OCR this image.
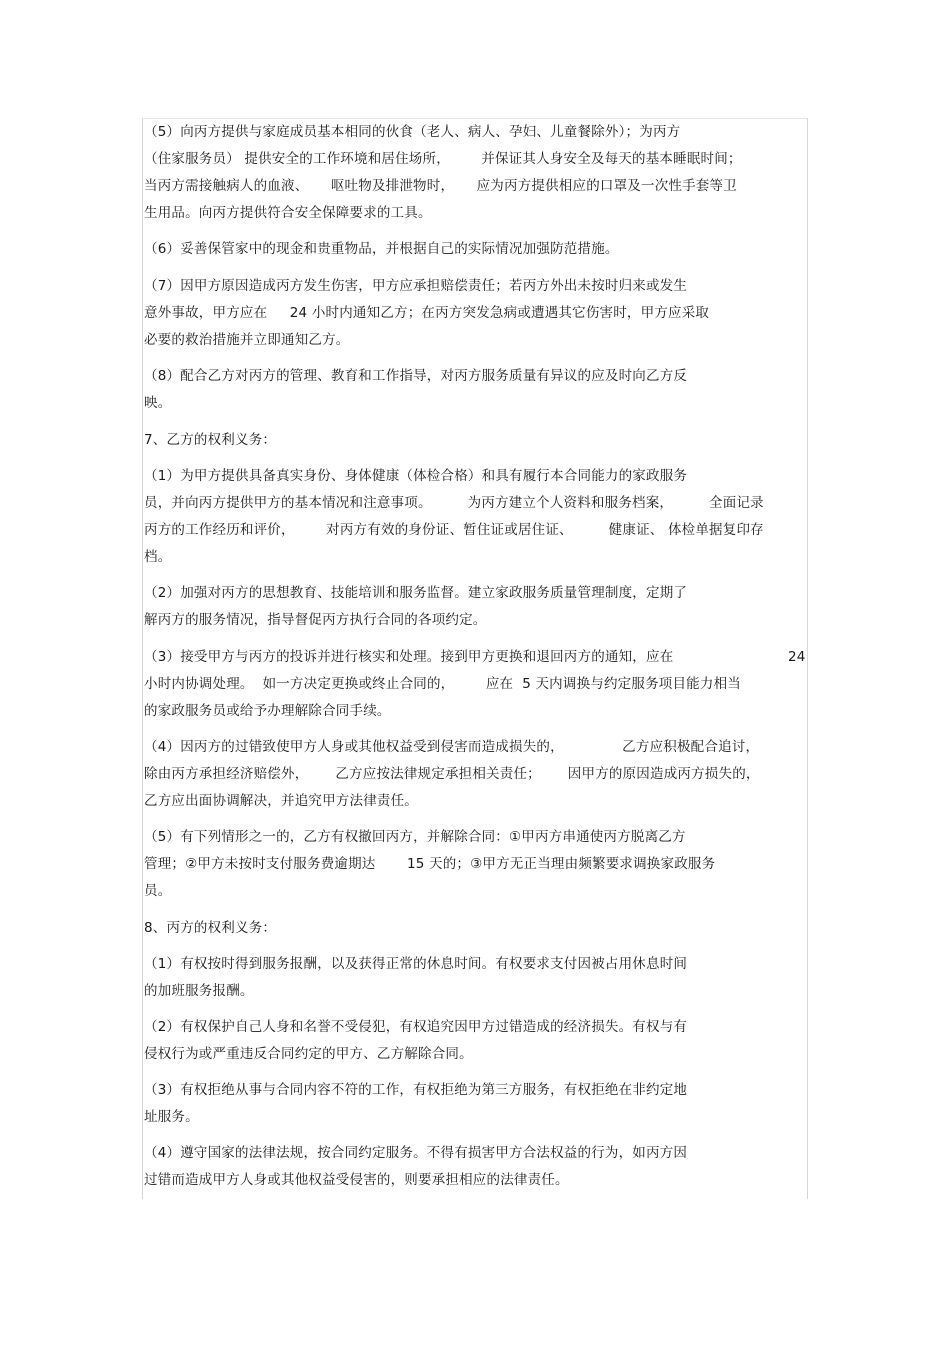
（5）向丙方提供与家庭成员基本相同的伙食（老人、病人、孕妇、儿童餐除外）；为丙方
（住家服务员） 提供安全的工作环境和居住场所，       并保证其人身安全及每天的基本睡眠时间；
当丙方需接触病人的血液、     呕吐物及排泄物时，     应为丙方提供相应的口罩及一次性手套等卫
生用品。向丙方提供符合安全保障要求的工具。
（6）妥善保管家中的现金和贵重物品，并根据自己的实际情况加强防范措施。
（7）因甲方原因造成丙方发生伤害，甲方应承担赔偿责任；若丙方外出未按时归来或发生
意外事故，甲方应在     24 小时内通知乙方；在丙方突发急病或遭遇其它伤害时，甲方应采取
必要的救治措施并立即通知乙方。
（8）配合乙方对丙方的管理、教育和工作指导，对丙方服务质量有异议的应及时向乙方反
映。
7、乙方的权利义务：
（1）为甲方提供具备真实身份、身体健康（体检合格）和具有履行本合同能力的家政服务
员，并向丙方提供甲方的基本情况和注意事项。        为丙方建立个人资料和服务档案，        全面记录
丙方的工作经历和评价，       对丙方有效的身份证、暂住证或居住证、        健康证、 体检单据复印存
档。
（2）加强对丙方的思想教育、技能培训和服务监督。建立家政服务质量管理制度，定期了
解丙方的服务情况，指导督促丙方执行合同的各项约定。
（3）接受甲方与丙方的投诉并进行核实和处理。接到甲方更换和退回丙方的通知，应在	24
小时内协调处理。  如一方决定更换或终止合同的，       应在  5 天内调换与约定服务项目能力相当
的家政服务员或给予办理解除合同手续。
（4）因丙方的过错致使甲方人身或其他权益受到侵害而造成损失的，             乙方应积极配合追讨，
除由丙方承担经济赔偿外，      乙方应按法律规定承担相关责任；      因甲方的原因造成丙方损失的，
乙方应出面协调解决，并追究甲方法律责任。
（5）有下列情形之一的，乙方有权撤回丙方，并解除合同：①甲丙方串通使丙方脱离乙方
管理；②甲方未按时支付服务费逾期达       15 天的；③甲方无正当理由频繁要求调换家政服务
员。
8、丙方的权利义务：
（1）有权按时得到服务报酬，以及获得正常的休息时间。有权要求支付因被占用休息时间
的加班服务报酬。
（2）有权保护自己人身和名誉不受侵犯，有权追究因甲方过错造成的经济损失。有权与有
侵权行为或严重违反合同约定的甲方、乙方解除合同。
（3）有权拒绝从事与合同内容不符的工作，有权拒绝为第三方服务，有权拒绝在非约定地
址服务。
（4）遵守国家的法律法规，按合同约定服务。不得有损害甲方合法权益的行为，如丙方因
过错而造成甲方人身或其他权益受侵害的，则要承担相应的法律责任。
